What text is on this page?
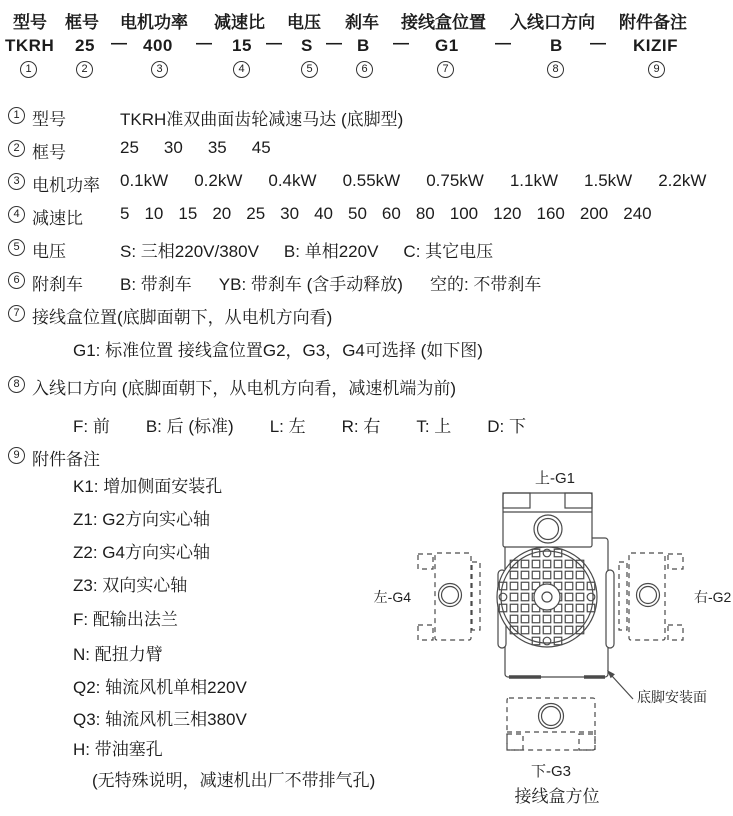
型号 框号 电机功率 减速比 电压 刹车 接线盒位置 入线口方向 附件备注
TKRH 25 — 400 — 15 — S — B — G1 — B — KIZIF
1	2	3	4	5	6	7	8	9
1 型号	TKRH准双曲面齿轮减速马达 (底脚型)
2 框号	25 30 35 45
3 电机功率 0.1kW 0.2kW 0.4kW 0.55kW 0.75kW 1.1kW 1.5kW 2.2kW
4 减速比 5 10 15 20 25 30 40 50 60 80 100 120 160 200 240
5 电压	S: 三相220V/380V B: 单相220V C: 其它电压
6 附刹车 B: 带刹车 YB: 带刹车 (含手动释放) 空的: 不带刹车
7 接线盒位置(底脚面朝下，从电机方向看)
G1: 标准位置 接线盒位置G2，G3，G4可选择 (如下图)
8 入线口方向 (底脚面朝下，从电机方向看，减速机端为前)
F: 前 B: 后 (标准) L: 左 R: 右 T: 上 D: 下
9 附件备注
K1: 增加侧面安装孔
Z1: G2方向实心轴
Z2: G4方向实心轴
Z3: 双向实心轴
F: 配输出法兰
N: 配扭力臂
Q2: 轴流风机单相220V
Q3: 轴流风机三相380V
H: 带油塞孔
(无特殊说明，减速机出厂不带排气孔)
底脚安装面
上-G1
左-G4	右-G2
下-G3
接线盒方位
